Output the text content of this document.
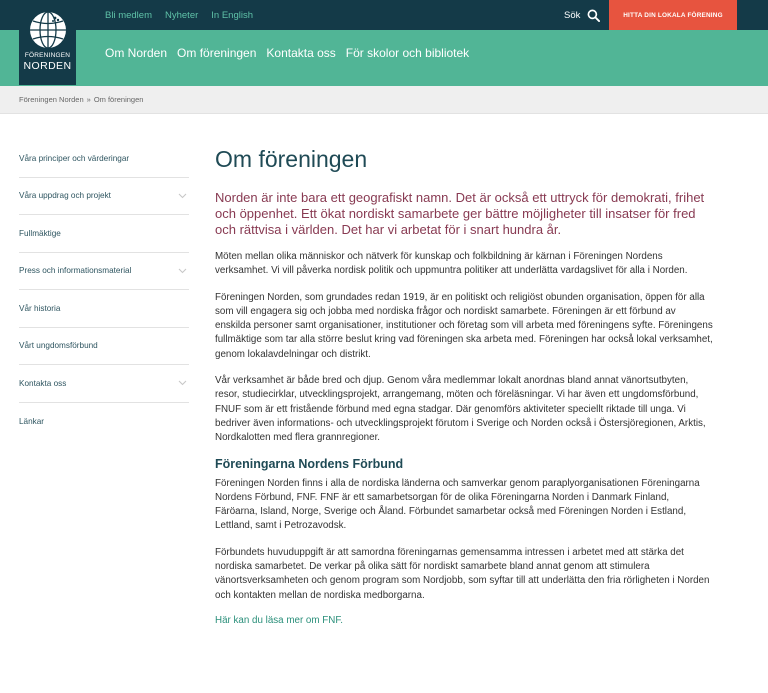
Bli medlem Nyheter In English	Sök	HITTA DIN LOKALA FÖRENING
Om Norden Om föreningen Kontakta oss För skolor och bibliotek
FÖRENINGEN
NORDEN
Föreningen Norden » Om föreningen
Våra principer och värderingar
Våra uppdrag och projekt
Fullmäktige
Press och informationsmaterial
Vår historia
Vårt ungdomsförbund
Kontakta oss
Länkar
Om föreningen

Norden är inte bara ett geografiskt namn. Det är också ett uttryck för demokrati, frihet och öppenhet. Ett ökat nordiskt samarbete ger bättre möjligheter till insatser för fred och rättvisa i världen. Det har vi arbetat för i snart hundra år.

Möten mellan olika människor och nätverk för kunskap och folkbildning är kärnan i Föreningen Nordens verksamhet. Vi vill påverka nordisk politik och uppmuntra politiker att underlätta vardagslivet för alla i Norden.

Föreningen Norden, som grundades redan 1919, är en politiskt och religiöst obunden organisation, öppen för alla som vill engagera sig och jobba med nordiska frågor och nordiskt samarbete. Föreningen är ett förbund av enskilda personer samt organisationer, institutioner och företag som vill arbeta med föreningens syfte. Föreningens fullmäktige som tar alla större beslut kring vad föreningen ska arbeta med. Föreningen har också lokal verksamhet, genom lokalavdelningar och distrikt.

Vår verksamhet är både bred och djup. Genom våra medlemmar lokalt anordnas bland annat vänortsutbyten, resor, studiecirklar, utvecklingsprojekt, arrangemang, möten och föreläsningar. Vi har även ett ungdomsförbund, FNUF som är ett fristående förbund med egna stadgar. Där genomförs aktiviteter speciellt riktade till unga. Vi bedriver även informations- och utvecklingsprojekt förutom i Sverige och Norden också i Östersjöregionen, Arktis, Nordkalotten med flera grannregioner.

Föreningarna Nordens Förbund

Föreningen Norden finns i alla de nordiska länderna och samverkar genom paraplyorganisationen Föreningarna Nordens Förbund, FNF. FNF är ett samarbetsorgan för de olika Föreningarna Norden i Danmark Finland, Färöarna, Island, Norge, Sverige och Åland. Förbundet samarbetar också med Föreningen Norden i Estland, Lettland, samt i Petrozavodsk.

Förbundets huvuduppgift är att samordna föreningarnas gemensamma intressen i arbetet med att stärka det nordiska samarbetet. De verkar på olika sätt för nordiskt samarbete bland annat genom att stimulera vänortsverksamheten och genom program som Nordjobb, som syftar till att underlätta den fria rörligheten i Norden och kontakten mellan de nordiska medborgarna.

Här kan du läsa mer om FNF.
